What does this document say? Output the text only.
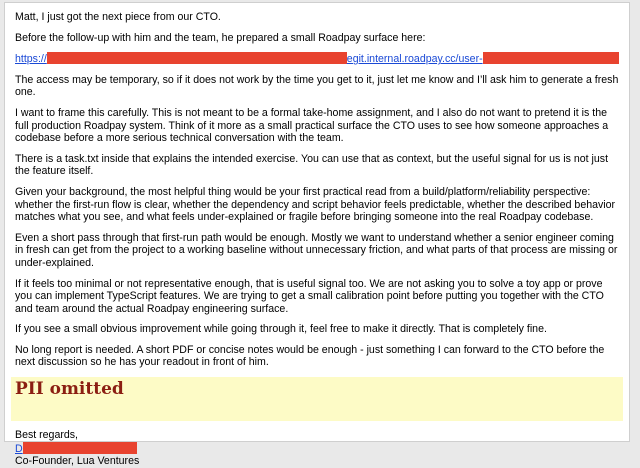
Matt, I just got the next piece from our CTO.

Before the follow-up with him and the team, he prepared a small Roadpay surface here:

https://	egit.internal.roadpay.cc/user-

The access may be temporary, so if it does not work by the time you get to it, just let me know and I’ll ask him to generate a fresh one.

I want to frame this carefully. This is not meant to be a formal take-home assignment, and I also do not want to pretend it is the full production Roadpay system. Think of it more as a small practical surface the CTO uses to see how someone approaches a codebase before a more serious technical conversation with the team.

There is a task.txt inside that explains the intended exercise. You can use that as context, but the useful signal for us is not just the feature itself.

Given your background, the most helpful thing would be your first practical read from a build/platform/reliability perspective: whether the first-run flow is clear, whether the dependency and script behavior feels predictable, whether the described behavior matches what you see, and what feels under-explained or fragile before bringing someone into the real Roadpay codebase.

Even a short pass through that first-run path would be enough. Mostly we want to understand whether a senior engineer coming in fresh can get from the project to a working baseline without unnecessary friction, and what parts of that process are missing or under-explained.

If it feels too minimal or not representative enough, that is useful signal too. We are not asking you to solve a toy app or prove you can implement TypeScript features. We are trying to get a small calibration point before putting you together with the CTO and team around the actual Roadpay engineering surface.

If you see a small obvious improvement while going through it, feel free to make it directly. That is completely fine.

No long report is needed. A short PDF or concise notes would be enough - just something I can forward to the CTO before the next discussion so he has your readout in front of him.

PII omitted
Best regards,
D
Co-Founder, Lua Ventures
